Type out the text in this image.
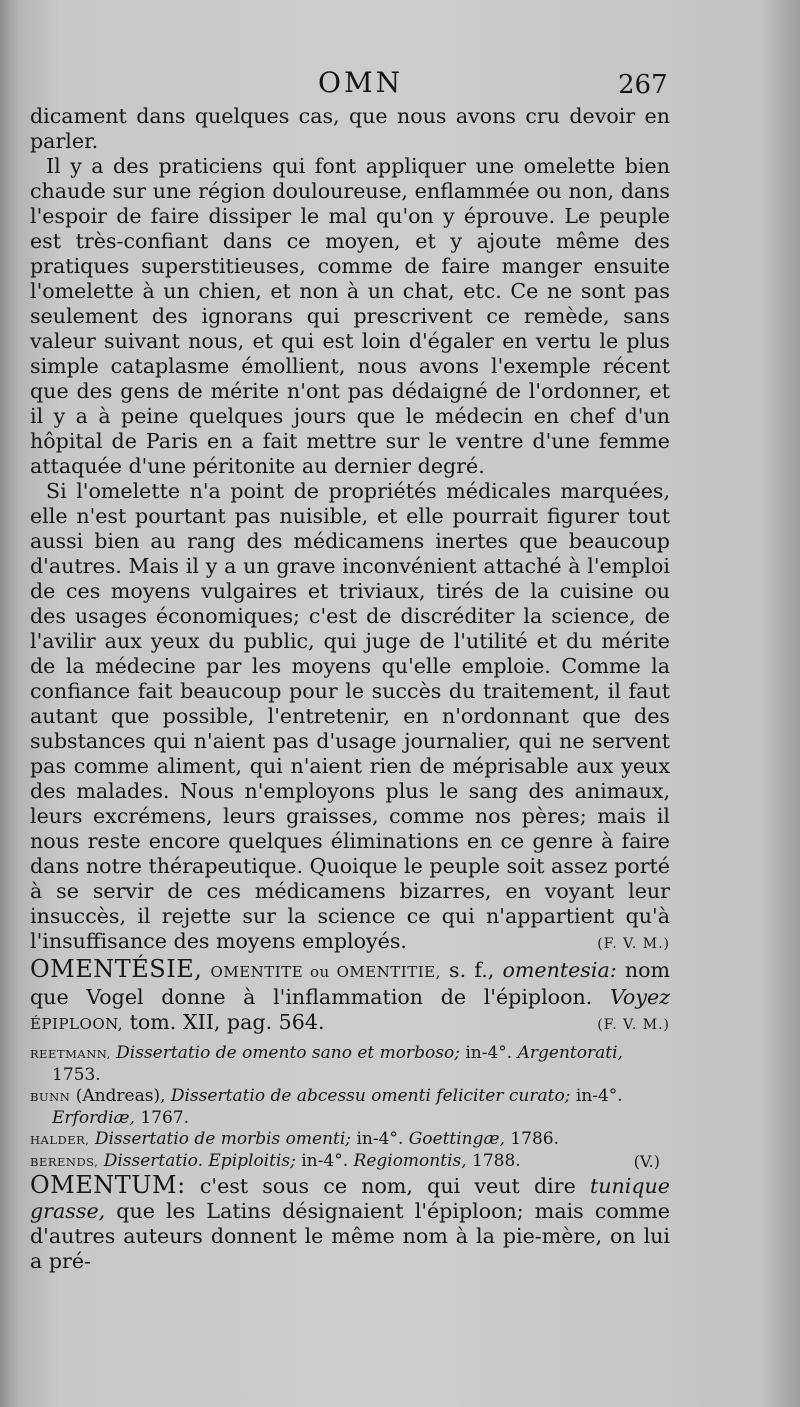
OMN	267

dicament dans quelques cas, que nous avons cru devoir en parler.

Il y a des praticiens qui font appliquer une omelette bien chaude sur une région douloureuse, enflammée ou non, dans l'espoir de faire dissiper le mal qu'on y éprouve. Le peuple est très-confiant dans ce moyen, et y ajoute même des pratiques superstitieuses, comme de faire manger ensuite l'omelette à un chien, et non à un chat, etc. Ce ne sont pas seulement des ignorans qui prescrivent ce remède, sans valeur suivant nous, et qui est loin d'égaler en vertu le plus simple cataplasme émollient, nous avons l'exemple récent que des gens de mérite n'ont pas dédaigné de l'ordonner, et il y a à peine quelques jours que le médecin en chef d'un hôpital de Paris en a fait mettre sur le ventre d'une femme attaquée d'une péritonite au dernier degré.

Si l'omelette n'a point de propriétés médicales marquées, elle n'est pourtant pas nuisible, et elle pourrait figurer tout aussi bien au rang des médicamens inertes que beaucoup d'autres. Mais il y a un grave inconvénient attaché à l'emploi de ces moyens vulgaires et triviaux, tirés de la cuisine ou des usages économiques; c'est de discréditer la science, de l'avilir aux yeux du public, qui juge de l'utilité et du mérite de la médecine par les moyens qu'elle emploie. Comme la confiance fait beaucoup pour le succès du traitement, il faut autant que possible, l'entretenir, en n'ordonnant que des substances qui n'aient pas d'usage journalier, qui ne servent pas comme aliment, qui n'aient rien de méprisable aux yeux des malades. Nous n'employons plus le sang des animaux, leurs excrémens, leurs graisses, comme nos pères; mais il nous reste encore quelques éliminations en ce genre à faire dans notre thérapeutique. Quoique le peuple soit assez porté à se servir de ces médicamens bizarres, en voyant leur insuccès, il rejette sur la science ce qui n'appartient qu'à l'insuffisance des moyens employés.	(F. V. M.)

OMENTÉSIE, OMENTITE ou OMENTITIE, s. f., omentesia: nom que Vogel donne à l'inflammation de l'épiploon. Voyez ÉPIPLOON, tom. XII, pag. 564.	(F. V. M.)

REETMANN, Dissertatio de omento sano et morboso; in-4°. Argentorati, 1753.

BUNN (Andreas), Dissertatio de abcessu omenti feliciter curato; in-4°. Erfordiæ, 1767.

HALDER, Dissertatio de morbis omenti; in-4°. Goettingæ, 1786.

BERENDS, Dissertatio. Epiploitis; in-4°. Regiomontis, 1788.	(V.)

OMENTUM: c'est sous ce nom, qui veut dire tunique grasse, que les Latins désignaient l'épiploon; mais comme d'autres auteurs donnent le même nom à la pie-mère, on lui a pré-
